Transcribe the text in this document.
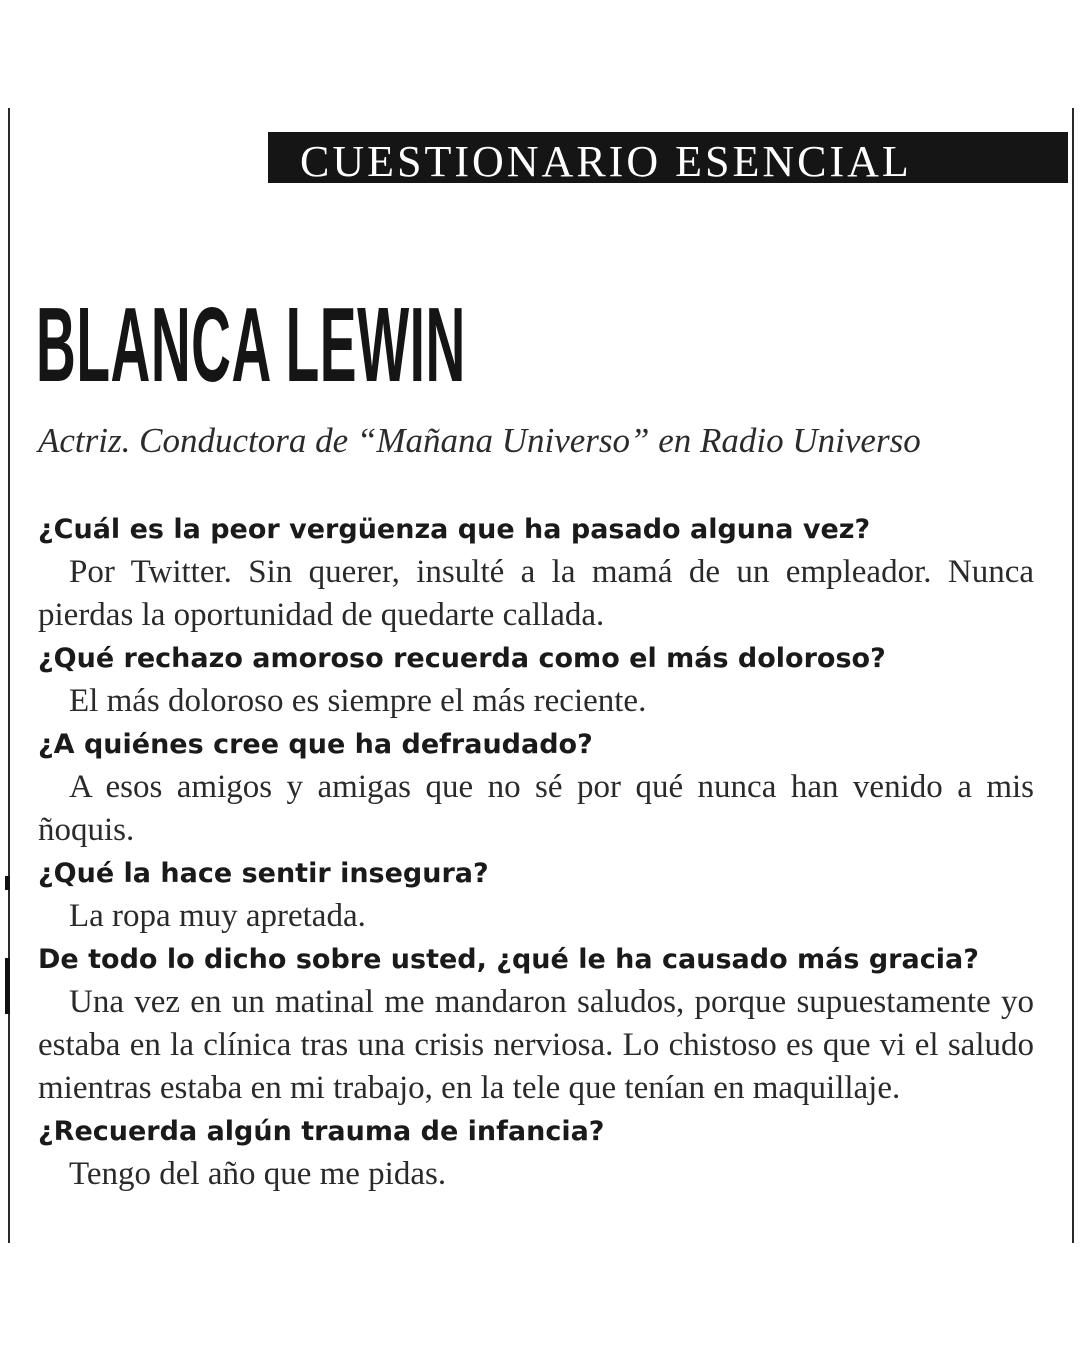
CUESTIONARIO ESENCIAL
BLANCA LEWIN

Actriz. Conductora de “Mañana Universo” en Radio Universo

¿Cuál es la peor vergüenza que ha pasado alguna vez?

Por Twitter. Sin querer, insulté a la mamá de un empleador. Nunca pierdas la oportunidad de quedarte callada.

¿Qué rechazo amoroso recuerda como el más doloroso?

El más doloroso es siempre el más reciente.

¿A quiénes cree que ha defraudado?

A esos amigos y amigas que no sé por qué nunca han venido a mis ñoquis.

¿Qué la hace sentir insegura?

La ropa muy apretada.

De todo lo dicho sobre usted, ¿qué le ha causado más gracia?

Una vez en un matinal me mandaron saludos, porque supuestamente yo estaba en la clínica tras una crisis nerviosa. Lo chistoso es que vi el saludo mientras estaba en mi trabajo, en la tele que tenían en maquillaje.

¿Recuerda algún trauma de infancia?

Tengo del año que me pidas.
